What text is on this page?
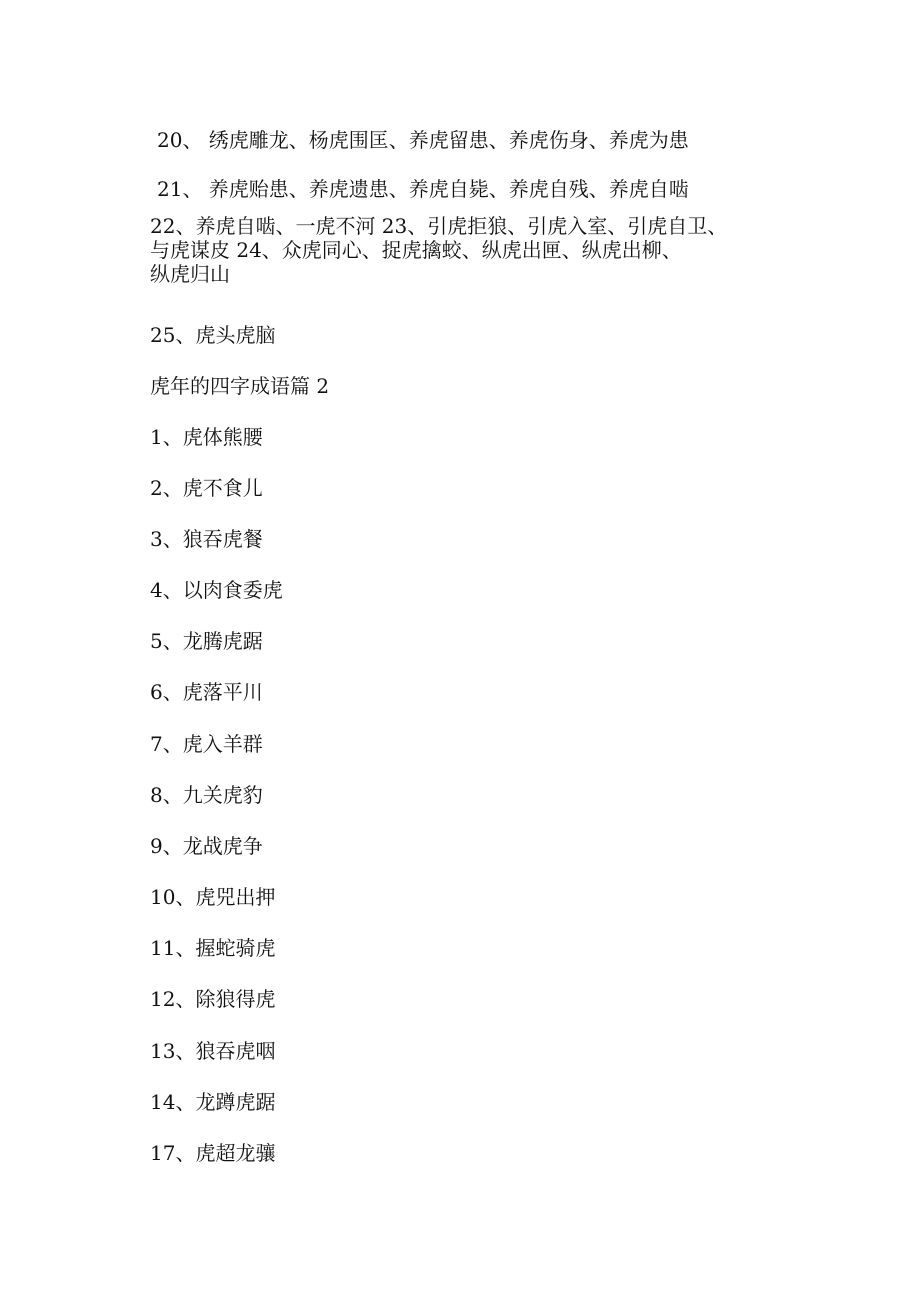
20、 绣虎雕龙、杨虎围匡、养虎留患、养虎伤身、养虎为患
21、 养虎贻患、养虎遗患、养虎自毙、养虎自残、养虎自啮
22、养虎自啮、一虎不河 23、引虎拒狼、引虎入室、引虎自卫、
与虎谋皮 24、众虎同心、捉虎擒蛟、纵虎出匣、纵虎出柳、
纵虎归山
25、虎头虎脑
虎年的四字成语篇 2
1、虎体熊腰
2、虎不食儿
3、狼吞虎餐
4、以肉食委虎
5、龙腾虎踞
6、虎落平川
7、虎入羊群
8、九关虎豹
9、龙战虎争
10、虎兕出押
11、握蛇骑虎
12、除狼得虎
13、狼吞虎咽
14、龙蹲虎踞
17、虎超龙骧
